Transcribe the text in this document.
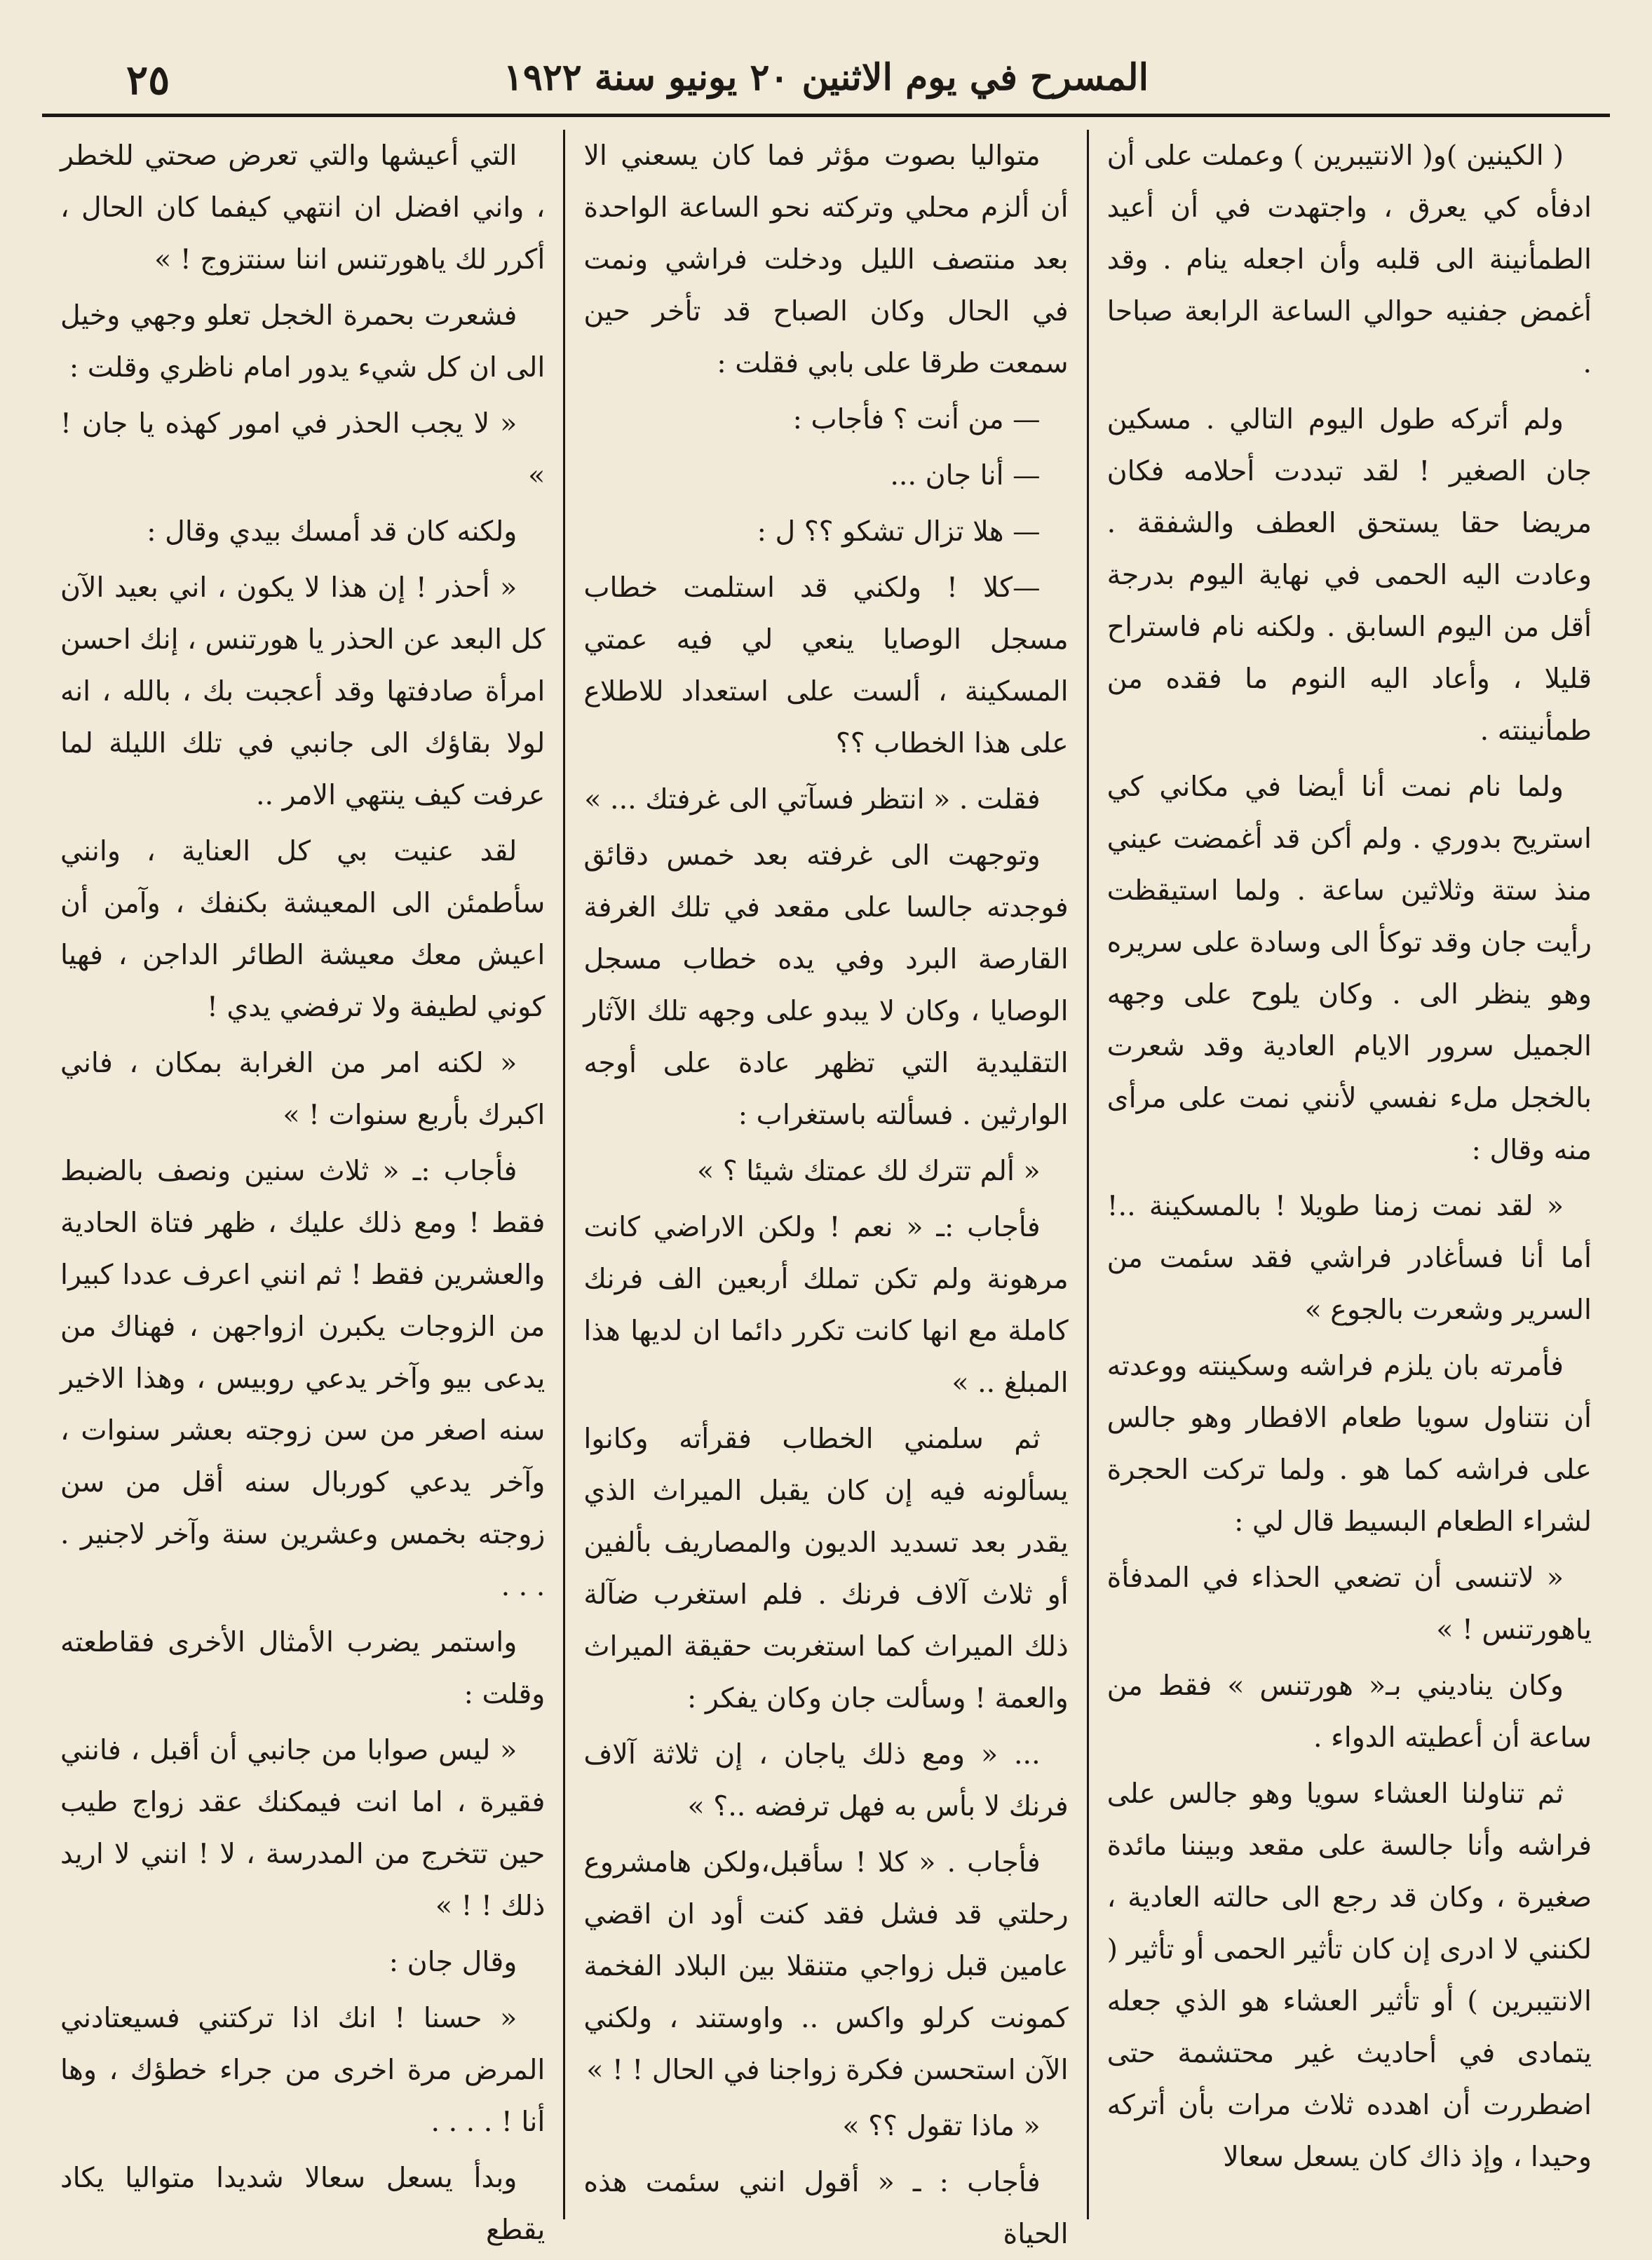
المسرح في يوم الاثنين ٢٠ يونيو سنة ١٩٢٢
٢٥

( الكينين )و( الانتيبرين ) وعملت على أن ادفأه كي يعرق ، واجتهدت في أن أعيد الطمأنينة الى قلبه وأن اجعله ينام . وقد أغمض جفنيه حوالي الساعة الرابعة صباحا .

ولم أتركه طول اليوم التالي . مسكين جان الصغير ! لقد تبددت أحلامه فكان مريضا حقا يستحق العطف والشفقة . وعادت اليه الحمى في نهاية اليوم بدرجة أقل من اليوم السابق . ولكنه نام فاستراح قليلا ، وأعاد اليه النوم ما فقده من طمأنينته .

ولما نام نمت أنا أيضا في مكاني كي استريح بدوري . ولم أكن قد أغمضت عيني منذ ستة وثلاثين ساعة . ولما استيقظت رأيت جان وقد توكأ الى وسادة على سريره وهو ينظر الى . وكان يلوح على وجهه الجميل سرور الايام العادية وقد شعرت بالخجل ملء نفسي لأنني نمت على مرأى منه وقال :

« لقد نمت زمنا طويلا ! بالمسكينة ..! أما أنا فسأغادر فراشي فقد سئمت من السرير وشعرت بالجوع »

فأمرته بان يلزم فراشه وسكينته ووعدته أن نتناول سويا طعام الافطار وهو جالس على فراشه كما هو . ولما تركت الحجرة لشراء الطعام البسيط قال لي :

« لاتنسى أن تضعي الحذاء في المدفأة ياهورتنس ! »

وكان يناديني بـ« هورتنس » فقط من ساعة أن أعطيته الدواء .

ثم تناولنا العشاء سويا وهو جالس على فراشه وأنا جالسة على مقعد وبيننا مائدة صغيرة ، وكان قد رجع الى حالته العادية ، لكنني لا ادرى إن كان تأثير الحمى أو تأثير ( الانتيبرين ) أو تأثير العشاء هو الذي جعله يتمادى في أحاديث غير محتشمة حتى اضطررت أن اهدده ثلاث مرات بأن أتركه وحيدا ، وإذ ذاك كان يسعل سعالا

متواليا بصوت مؤثر فما كان يسعني الا أن ألزم محلي وتركته نحو الساعة الواحدة بعد منتصف الليل ودخلت فراشي ونمت في الحال وكان الصباح قد تأخر حين سمعت طرقا على بابي فقلت :

— من أنت ؟ فأجاب :

— أنا جان ...

— هلا تزال تشكو ؟؟ ل :

—كلا ! ولكني قد استلمت خطاب مسجل الوصايا ينعي لي فيه عمتي المسكينة ، ألست على استعداد للاطلاع على هذا الخطاب ؟؟

فقلت . « انتظر فسآتي الى غرفتك ... »

وتوجهت الى غرفته بعد خمس دقائق فوجدته جالسا على مقعد في تلك الغرفة القارصة البرد وفي يده خطاب مسجل الوصايا ، وكان لا يبدو على وجهه تلك الآثار التقليدية التي تظهر عادة على أوجه الوارثين . فسألته باستغراب :

« ألم تترك لك عمتك شيئا ؟ »

فأجاب :ـ « نعم ! ولكن الاراضي كانت مرهونة ولم تكن تملك أربعين الف فرنك كاملة مع انها كانت تكرر دائما ان لديها هذا المبلغ .. »

ثم سلمني الخطاب فقرأته وكانوا يسألونه فيه إن كان يقبل الميراث الذي يقدر بعد تسديد الديون والمصاريف بألفين أو ثلاث آلاف فرنك . فلم استغرب ضآلة ذلك الميراث كما استغربت حقيقة الميراث والعمة ! وسألت جان وكان يفكر :

... « ومع ذلك ياجان ، إن ثلاثة آلاف فرنك لا بأس به فهل ترفضه ..؟ »

فأجاب . « كلا ! سأقبل،ولكن هامشروع رحلتي قد فشل فقد كنت أود ان اقضي عامين قبل زواجي متنقلا بين البلاد الفخمة كمونت كرلو واكس .. واوستند ، ولكني الآن استحسن فكرة زواجنا في الحال ! ! »

« ماذا تقول ؟؟ »

فأجاب : ـ « أقول انني سئمت هذه الحياة

التي أعيشها والتي تعرض صحتي للخطر ، واني افضل ان انتهي كيفما كان الحال ، أكرر لك ياهورتنس اننا سنتزوج ! »

فشعرت بحمرة الخجل تعلو وجهي وخيل الى ان كل شيء يدور امام ناظري وقلت :

« لا يجب الحذر في امور كهذه يا جان ! »

ولكنه كان قد أمسك بيدي وقال :

« أحذر ! إن هذا لا يكون ، اني بعيد الآن كل البعد عن الحذر يا هورتنس ، إنك احسن امرأة صادفتها وقد أعجبت بك ، بالله ، انه لولا بقاؤك الى جانبي في تلك الليلة لما عرفت كيف ينتهي الامر ..

لقد عنيت بي كل العناية ، وانني سأطمئن الى المعيشة بكنفك ، وآمن أن اعيش معك معيشة الطائر الداجن ، فهيا كوني لطيفة ولا ترفضي يدي !

« لكنه امر من الغرابة بمكان ، فاني اكبرك بأربع سنوات ! »

فأجاب :ـ « ثلاث سنين ونصف بالضبط فقط ! ومع ذلك عليك ، ظهر فتاة الحادية والعشرين فقط ! ثم انني اعرف عددا كبيرا من الزوجات يكبرن ازواجهن ، فهناك من يدعى بيو وآخر يدعي روبيس ، وهذا الاخير سنه اصغر من سن زوجته بعشر سنوات ، وآخر يدعي كوربال سنه أقل من سن زوجته بخمس وعشرين سنة وآخر لاجنير . . . .

واستمر يضرب الأمثال الأخرى فقاطعته وقلت :

« ليس صوابا من جانبي أن أقبل ، فانني فقيرة ، اما انت فيمكنك عقد زواج طيب حين تتخرج من المدرسة ، لا ! انني لا اريد ذلك ! ! »

وقال جان :

« حسنا ! انك اذا تركتني فسيعتادني المرض مرة اخرى من جراء خطؤك ، وها أنا ! . . . .

وبدأ يسعل سعالا شديدا متواليا يكاد يقطع
